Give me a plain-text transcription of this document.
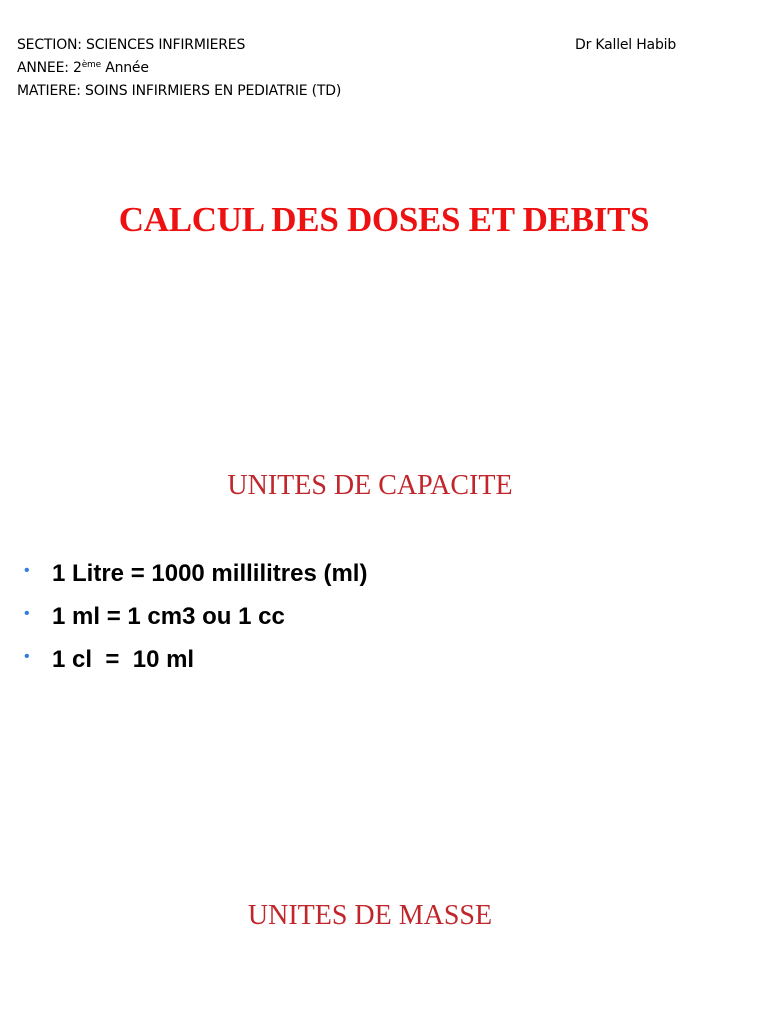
SECTION: SCIENCES INFIRMIERES
ANNEE: 2ème Année
MATIERE: SOINS INFIRMIERS EN PEDIATRIE (TD)
Dr Kallel Habib
CALCUL DES DOSES ET DEBITS
UNITES DE CAPACITE
• 1 Litre = 1000 millilitres (ml)
• 1 ml = 1 cm3 ou 1 cc
• 1 cl  =  10 ml
UNITES DE MASSE
